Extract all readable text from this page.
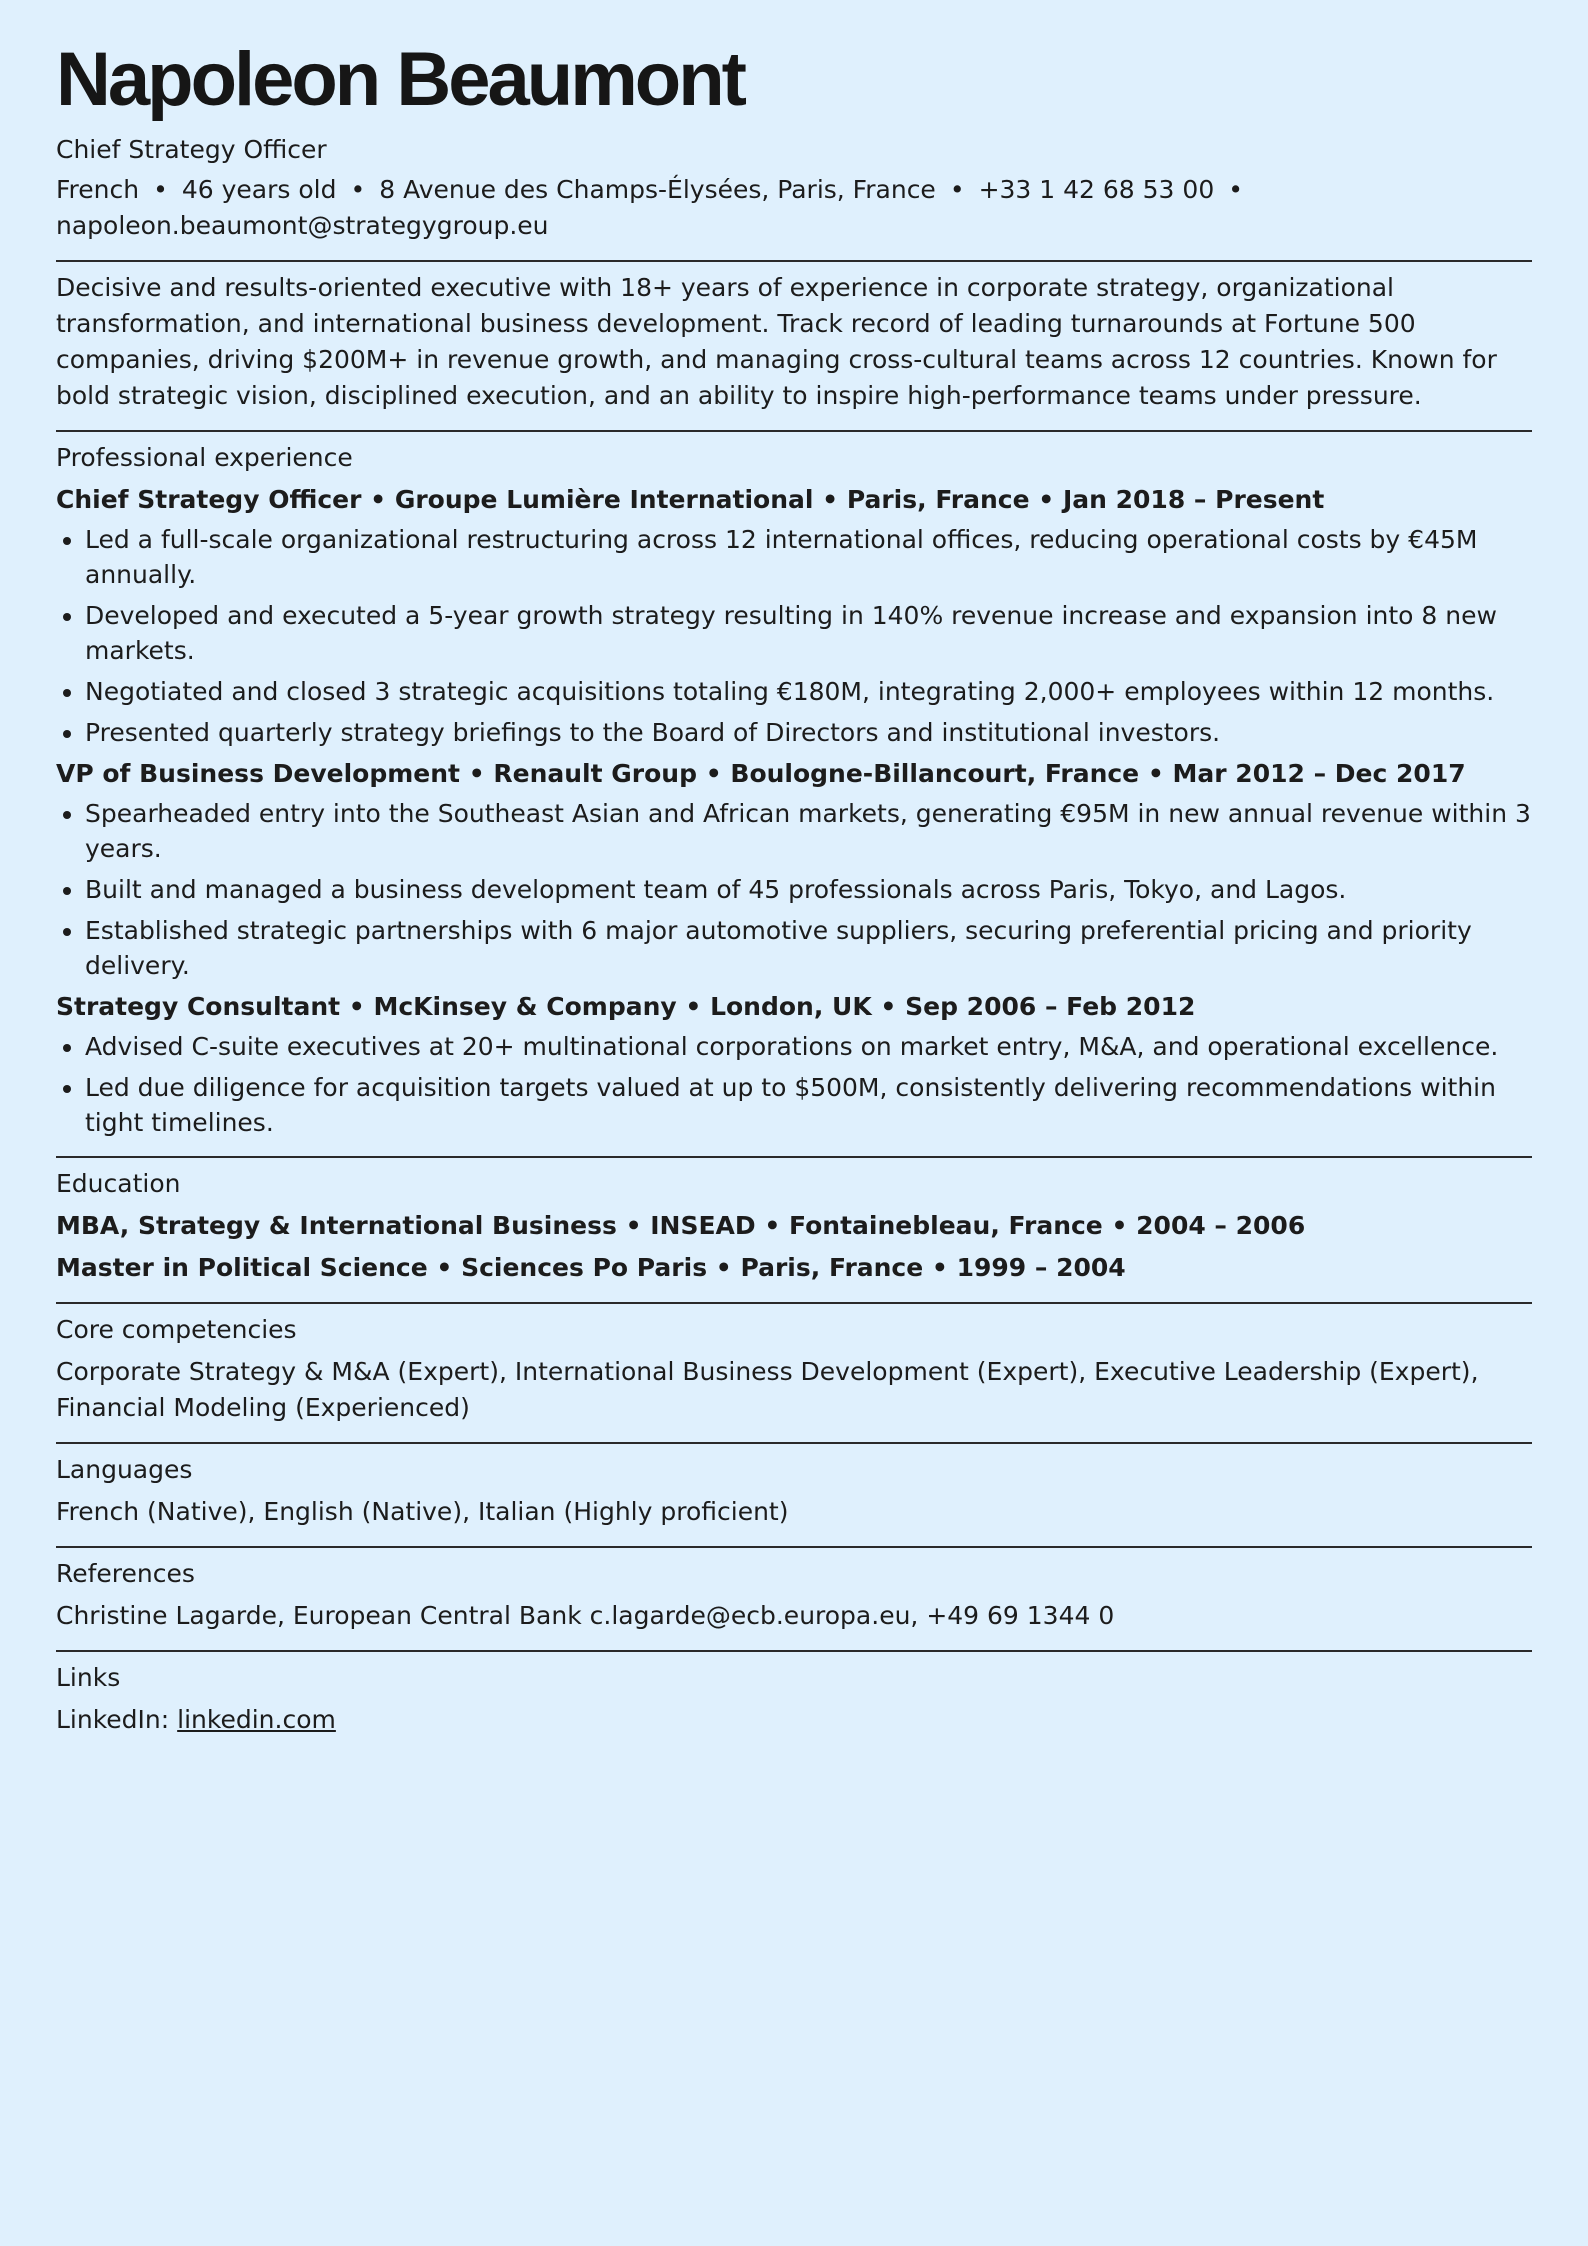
Napoleon Beaumont
Chief Strategy Officer
French • 46 years old • 8 Avenue des Champs-Élysées, Paris, France • +33 1 42 68 53 00 •
napoleon.beaumont@strategygroup.eu

Decisive and results-oriented executive with 18+ years of experience in corporate strategy, organizational transformation, and international business development. Track record of leading turnarounds at Fortune 500 companies, driving $200M+ in revenue growth, and managing cross-cultural teams across 12 countries. Known for bold strategic vision, disciplined execution, and an ability to inspire high-performance teams under pressure.

Professional experience
Chief Strategy Officer • Groupe Lumière International • Paris, France • Jan 2018 – Present
• Led a full-scale organizational restructuring across 12 international offices, reducing operational costs by €45M annually.
• Developed and executed a 5-year growth strategy resulting in 140% revenue increase and expansion into 8 new markets.
• Negotiated and closed 3 strategic acquisitions totaling €180M, integrating 2,000+ employees within 12 months.
• Presented quarterly strategy briefings to the Board of Directors and institutional investors.
VP of Business Development • Renault Group • Boulogne-Billancourt, France • Mar 2012 – Dec 2017
• Spearheaded entry into the Southeast Asian and African markets, generating €95M in new annual revenue within 3 years.
• Built and managed a business development team of 45 professionals across Paris, Tokyo, and Lagos.
• Established strategic partnerships with 6 major automotive suppliers, securing preferential pricing and priority delivery.
Strategy Consultant • McKinsey & Company • London, UK • Sep 2006 – Feb 2012
• Advised C-suite executives at 20+ multinational corporations on market entry, M&A, and operational excellence.
• Led due diligence for acquisition targets valued at up to $500M, consistently delivering recommendations within tight timelines.
Education
MBA, Strategy & International Business • INSEAD • Fontainebleau, France • 2004 – 2006
Master in Political Science • Sciences Po Paris • Paris, France • 1999 – 2004
Core competencies
Corporate Strategy & M&A (Expert), International Business Development (Expert), Executive Leadership (Expert), Financial Modeling (Experienced)
Languages
French (Native), English (Native), Italian (Highly proficient)
References
Christine Lagarde, European Central Bank c.lagarde@ecb.europa.eu, +49 69 1344 0
Links
LinkedIn: linkedin.com
